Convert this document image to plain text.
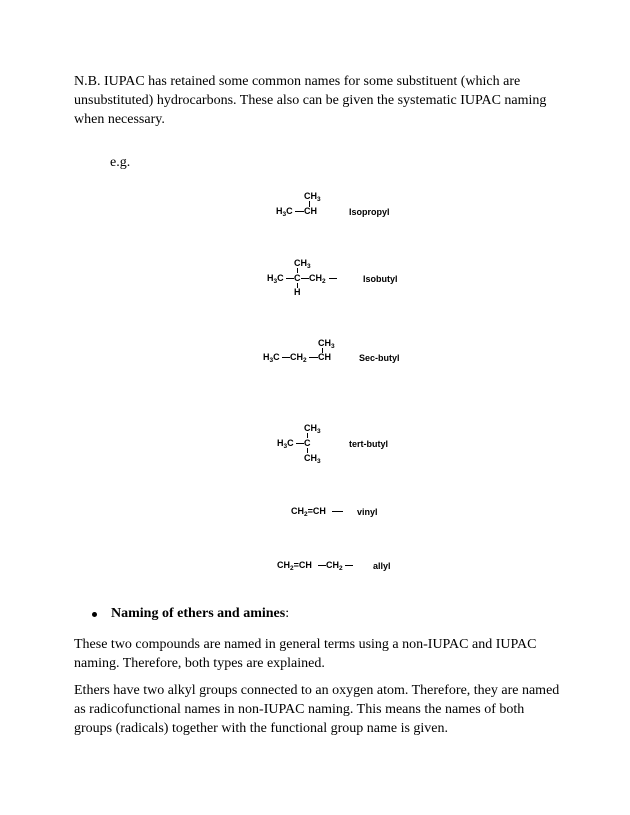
N.B. IUPAC has retained some common names for some substituent (which are unsubstituted) hydrocarbons. These also can be given the systematic IUPAC naming when necessary.

e.g.
$CH_3$
$H_3C$ CH	Isopropyl
$CH_3$
$H_3C$ C $CH_2$
H
Isobutyl
$CH_3$
$H_3C$ $CH_2$ CH	Sec-butyl
$CH_3$
$H_3C$ C
$CH_3$
tert-butyl
$CH_2=CH$	vinyl
$CH_2=CH$ $CH_2$	allyl
Naming of ethers and amines:

These two compounds are named in general terms using a non-IUPAC and IUPAC naming. Therefore, both types are explained.

Ethers have two alkyl groups connected to an oxygen atom. Therefore, they are named as radicofunctional names in non-IUPAC naming. This means the names of both groups (radicals) together with the functional group name is given.
